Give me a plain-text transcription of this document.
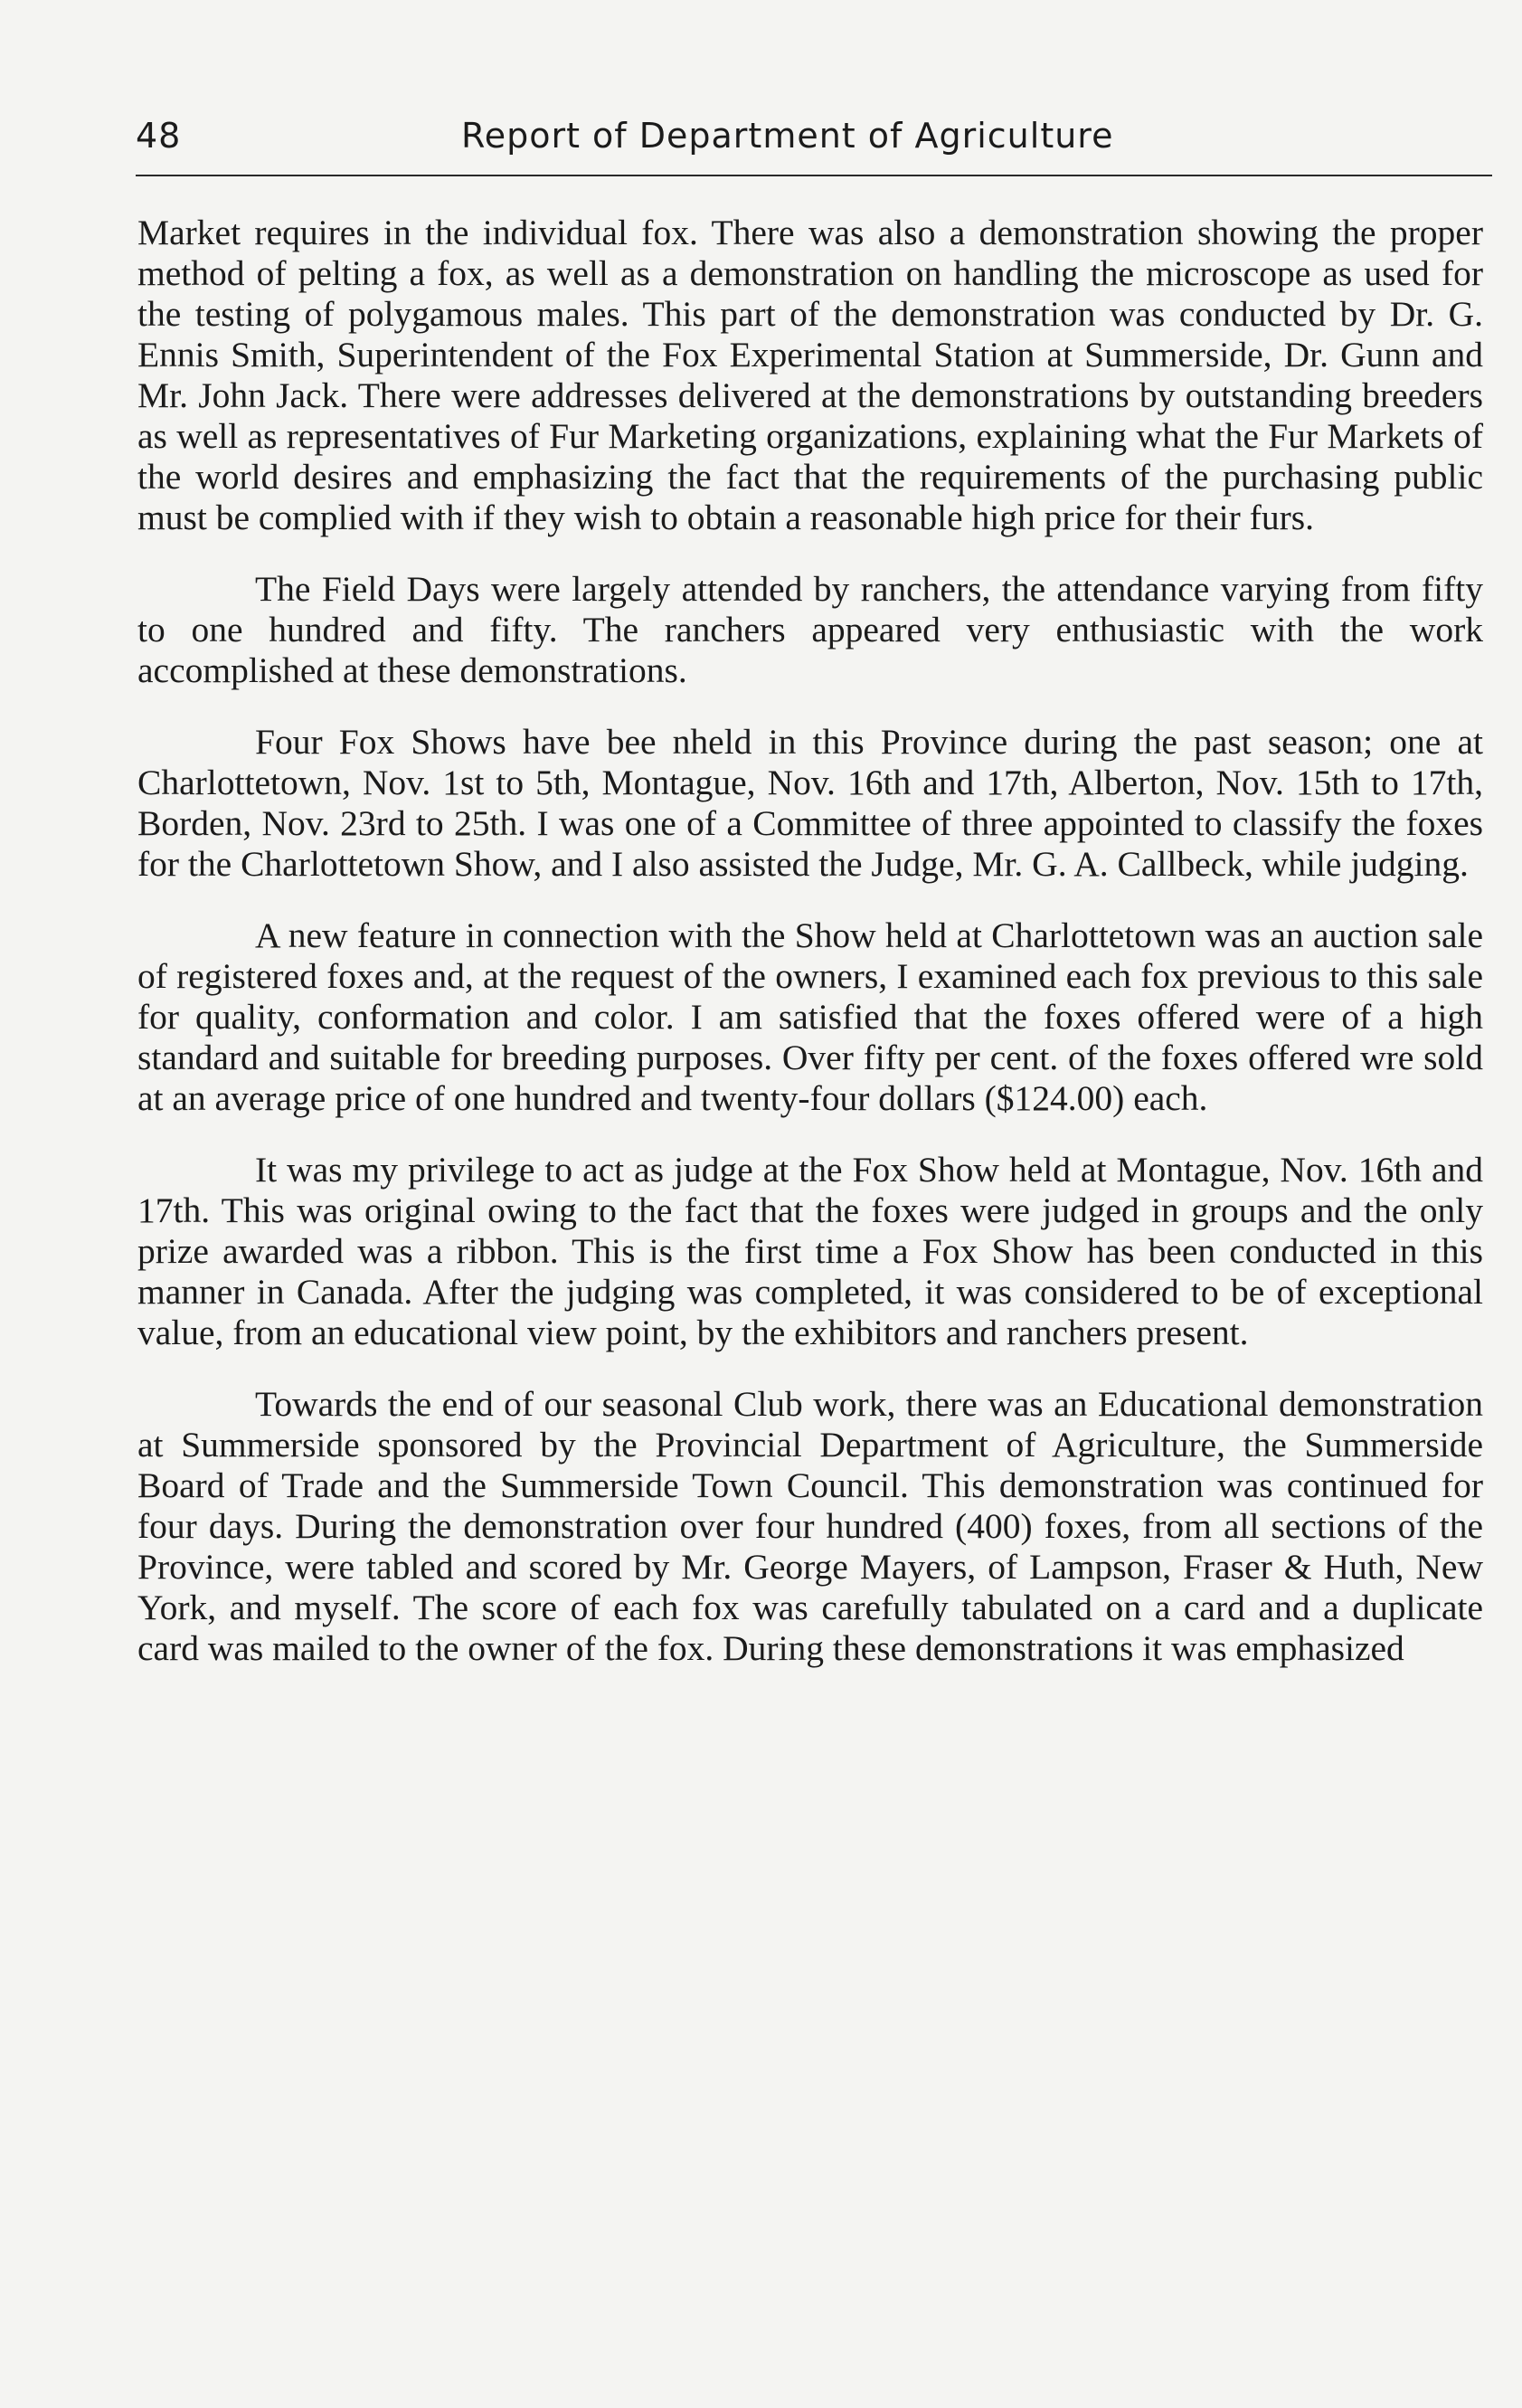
48	Report of Department of Agriculture

Market requires in the individual fox. There was also a demonstration showing the proper method of pelting a fox, as well as a demonstration on handling the microscope as used for the testing of polygamous males. This part of the demonstration was conducted by Dr. G. Ennis Smith, Superintendent of the Fox Experimental Station at Summerside, Dr. Gunn and Mr. John Jack. There were addresses delivered at the demonstrations by outstanding breeders as well as representatives of Fur Marketing organizations, explaining what the Fur Markets of the world desires and emphasizing the fact that the requirements of the purchasing public must be complied with if they wish to obtain a reasonable high price for their furs.

The Field Days were largely attended by ranchers, the attendance varying from fifty to one hundred and fifty. The ranchers appeared very enthusiastic with the work accomplished at these demonstrations.

Four Fox Shows have bee nheld in this Province during the past season; one at Charlottetown, Nov. 1st to 5th, Montague, Nov. 16th and 17th, Alberton, Nov. 15th to 17th, Borden, Nov. 23rd to 25th. I was one of a Committee of three appointed to classify the foxes for the Charlottetown Show, and I also assisted the Judge, Mr. G. A. Callbeck, while judging.

A new feature in connection with the Show held at Charlottetown was an auction sale of registered foxes and, at the request of the owners, I examined each fox previous to this sale for quality, conformation and color. I am satisfied that the foxes offered were of a high standard and suitable for breeding purposes. Over fifty per cent. of the foxes offered wre sold at an average price of one hundred and twenty-four dollars ($124.00) each.

It was my privilege to act as judge at the Fox Show held at Montague, Nov. 16th and 17th. This was original owing to the fact that the foxes were judged in groups and the only prize awarded was a ribbon. This is the first time a Fox Show has been conducted in this manner in Canada. After the judging was completed, it was considered to be of exceptional value, from an educational view point, by the exhibitors and ranchers present.

Towards the end of our seasonal Club work, there was an Educational demonstration at Summerside sponsored by the Provincial Department of Agriculture, the Summerside Board of Trade and the Summerside Town Council. This demonstration was continued for four days. During the demonstration over four hundred (400) foxes, from all sections of the Province, were tabled and scored by Mr. George Mayers, of Lampson, Fraser & Huth, New York, and myself. The score of each fox was carefully tabulated on a card and a duplicate card was mailed to the owner of the fox. During these demonstrations it was emphasized
